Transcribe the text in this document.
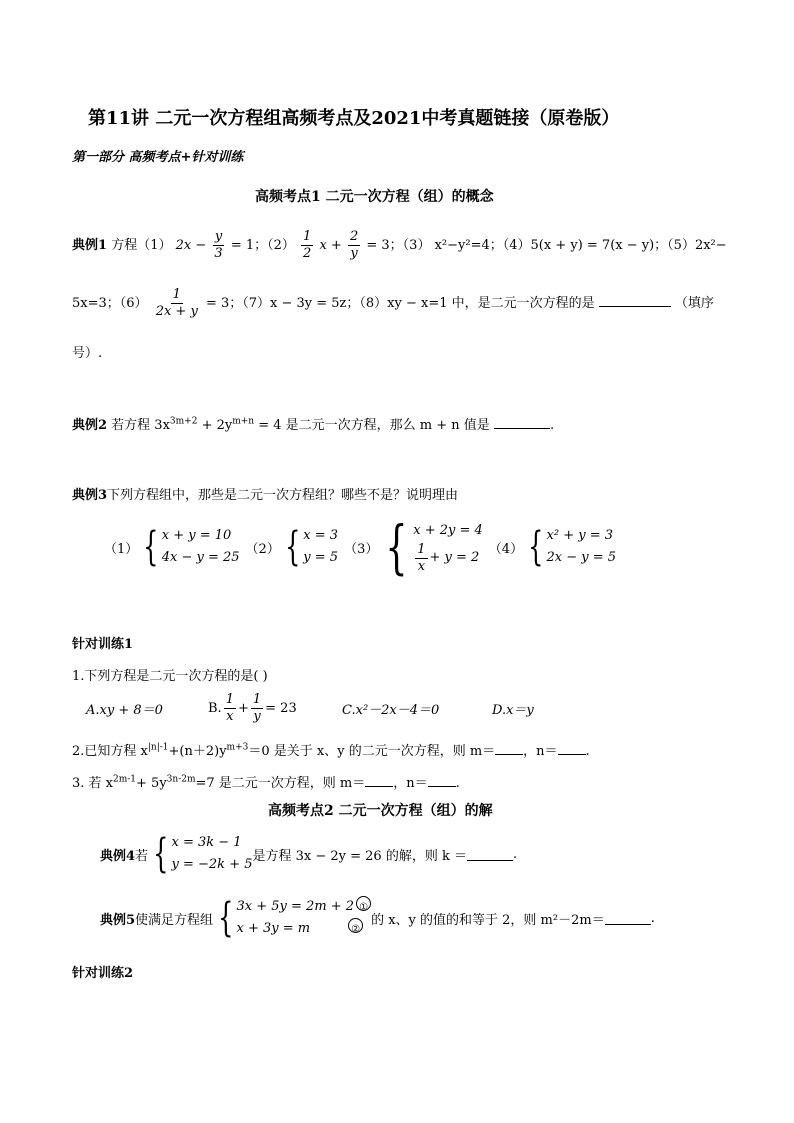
第11讲 二元一次方程组高频考点及2021中考真题链接（原卷版）
第一部分 高频考点+针对训练
高频考点1 二元一次方程（组）的概念
典例1 方程（1） $2x - \frac{y}{3} = 1$；$(2) \frac{1}{2}$ $x + \frac{2}{y} = 3$；（3） x²−y²=4；（4）5(x + y) = 7(x − y)；（5）2x²−
5x=3；$(6) \frac{1}{2x + y} = 3$；（7）x − 3y = 5z；（8）xy − x=1 中，是二元一次方程的是	（填序
号）.
典例2 若方程 $3x^{3m+2} + 2y^{m+n} = 4$ 是二元一次方程，那么 m + n 值是	.
典例3下列方程组中，那些是二元一次方程组？哪些不是？说明理由
（1） { x + y = 10
4x − y = 25
（2） { x = 3
y = 5
（3） { x + 2y = 4
$\frac{1}{x} + y = 2$
（4） { x² + y = 3
2x − y = 5
针对训练1
1.下列方程是二元一次方程的是( )
A.xy + 8＝0	B. $\frac{1}{x} + \frac{1}{y} = 23$	C.x²－2x－4＝0	D.x＝y
2.已知方程 $x^{|n|-1}+(n+2)y^{m+3}=0$ 是关于 x、y 的二元一次方程，则 m＝ ，n＝ .
3. 若 $x^{2m-1}+ 5y^{3n-2m}=7$ 是二元一次方程，则 m＝ ，n＝ .
高频考点2 二元一次方程（组）的解
典例4 若 { x = 3k − 1
y = −2k + 5
是方程 3x − 2y = 26 的解，则 k ＝	.
典例5 使满足方程组 { 3x + 5y = 2m + 2 ①
x + 3y = m	②
的 x、y 的值的和等于 2，则 m²－2m＝	.
针对训练2
